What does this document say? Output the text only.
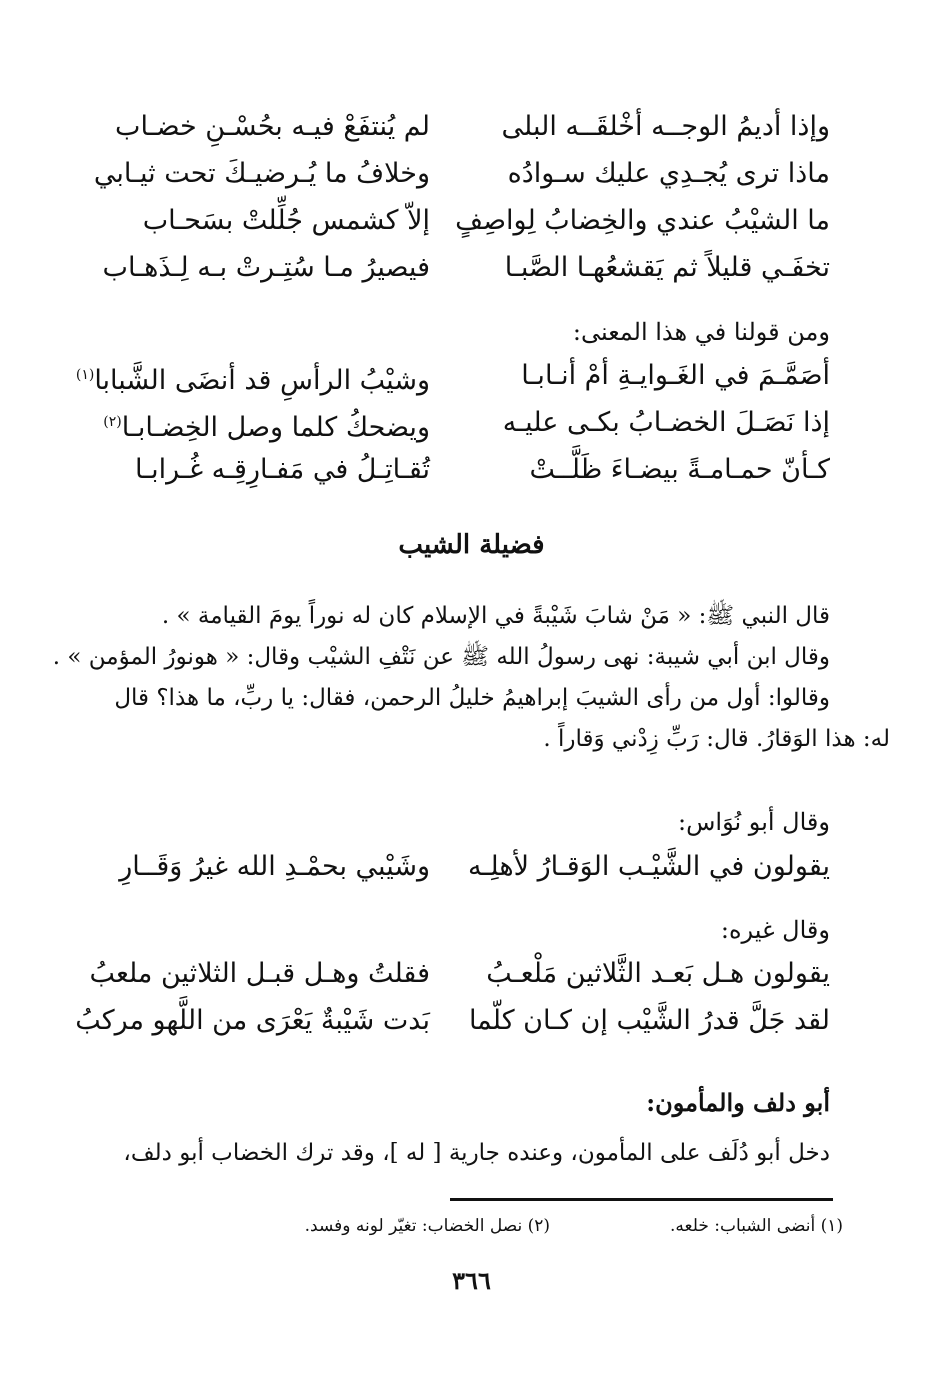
وإذا أديمُ الوجــه أخْلقَــه البلى
لم يُنتفَعْ فيـه بحُسْـنِ خضـاب
ماذا ترى يُجـدِي عليك سـوادُه
وخلافُ ما يُـرضيـكَ تحت ثيـابي
ما الشيْبُ عندي والخِضابُ لِواصِفٍ
إلاّ كشمس جُلِّلتْ بسَحـاب
تخفَـي قليلاً ثم يَقشعُهـا الصَّبـا
فيصيرُ مـا سُتِـرتْ بـه لِـذَهـاب
ومن قولنا في هذا المعنى:
أصَمَّـمَ في الغَـوايـةِ أمْ أنـابـا
وشيْبُ الرأسِ قد أنضَى الشَّبابا$^{(١)}$
إذا نَصَـلَ الخضـابُ بكـى عليـه
ويضحكُ كلما وصل الخِضـابـا$^{(٢)}$
كـأنّ حمـامـةً بيضـاءَ ظَلَّــتْ
تُقـاتِـلُ في مَفـارِقِـه غُـرابـا
فضيلة الشيب
قال النبي ﷺ: « مَنْ شابَ شَيْبةً في الإسلام كان له نوراً يومَ القيامة » .
وقال ابن أبي شيبة: نهى رسولُ الله ﷺ عن نَتْفِ الشيْب وقال: « هونورُ المؤمن » .
وقالوا: أول من رأى الشيبَ إبراهيمُ خليلُ الرحمن، فقال: يا ربِّ، ما هذا؟ قال
له: هذا الوَقارُ. قال: رَبِّ زِدْني وَقاراً .
وقال أبو نُوَاس:
يقولون في الشَّيْـب الوَقـارُ لأهلِـه
وشَيْبي بحمْـدِ الله غيرُ وَقَــارِ
وقال غيره:
يقولون هـل بَعـد الثَّلاثين مَلْعـبُ
فقلتُ وهـل قبـل الثلاثين ملعبُ
لقد جَلَّ قدرُ الشَّيْب إن كـان كلّما
بَدت شَيْبةٌ يَعْرَى من اللَّهو مركبُ
أبو دلف والمأمون:
دخل أبو دُلَف على المأمون، وعنده جارية [ له ]، وقد ترك الخضاب أبو دلف،
(١) أنضى الشباب: خلعه.(٢) نصل الخضاب: تغيّر لونه وفسد.
٣٦٦
